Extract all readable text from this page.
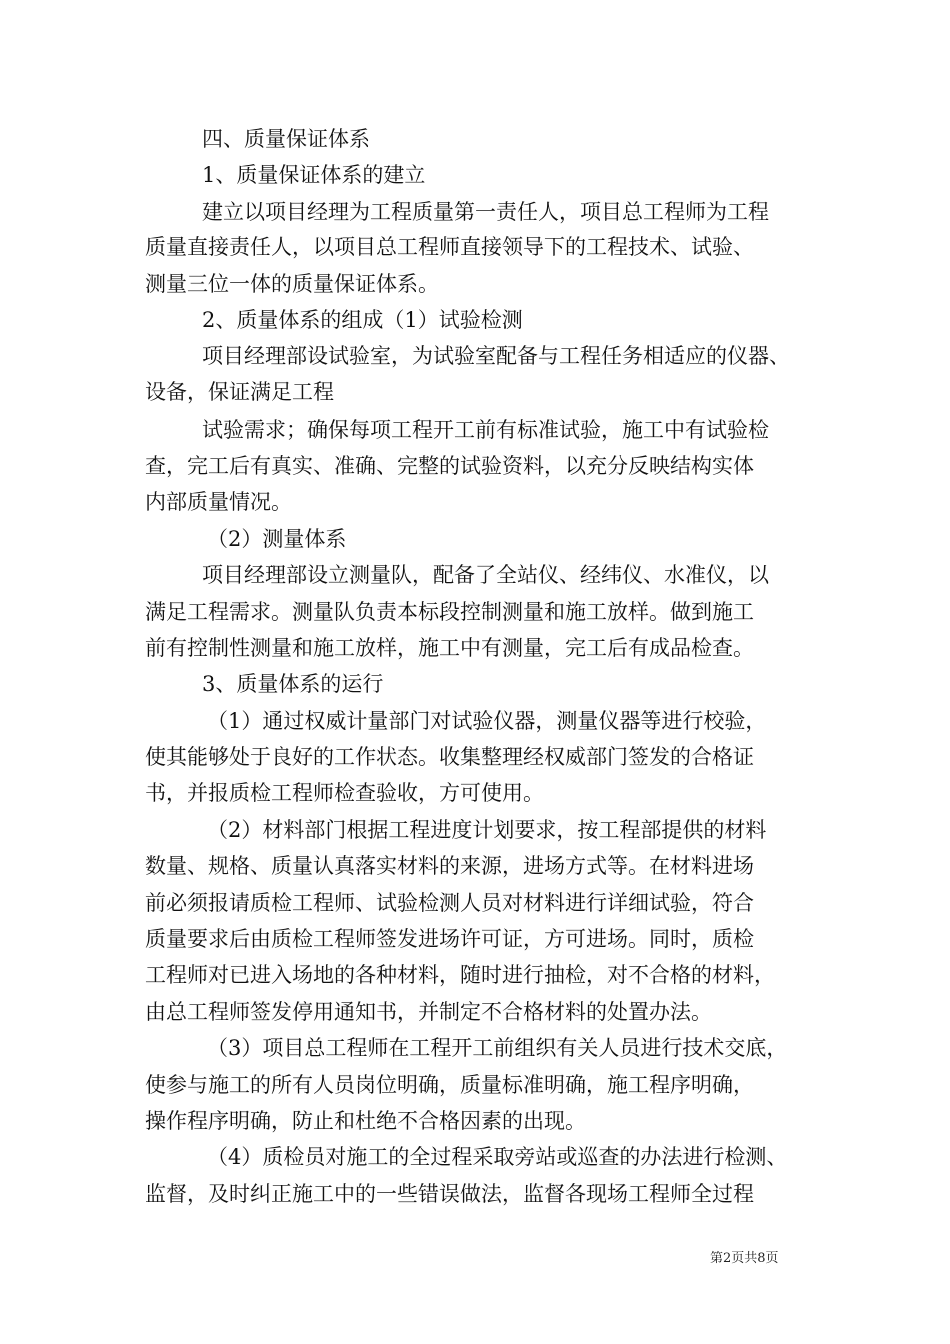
四、质量保证体系

1、质量保证体系的建立

建立以项目经理为工程质量第一责任人，项目总工程师为工程

质量直接责任人，以项目总工程师直接领导下的工程技术、试验、

测量三位一体的质量保证体系。

2、质量体系的组成（1）试验检测

项目经理部设试验室，为试验室配备与工程任务相适应的仪器、

设备，保证满足工程

试验需求；确保每项工程开工前有标准试验，施工中有试验检

查，完工后有真实、准确、完整的试验资料，以充分反映结构实体

内部质量情况。

（2）测量体系

项目经理部设立测量队，配备了全站仪、经纬仪、水准仪，以

满足工程需求。测量队负责本标段控制测量和施工放样。做到施工

前有控制性测量和施工放样，施工中有测量，完工后有成品检查。

3、质量体系的运行

（1）通过权威计量部门对试验仪器，测量仪器等进行校验，

使其能够处于良好的工作状态。收集整理经权威部门签发的合格证

书，并报质检工程师检查验收，方可使用。

（2）材料部门根据工程进度计划要求，按工程部提供的材料

数量、规格、质量认真落实材料的来源，进场方式等。在材料进场

前必须报请质检工程师、试验检测人员对材料进行详细试验，符合

质量要求后由质检工程师签发进场许可证，方可进场。同时，质检

工程师对已进入场地的各种材料，随时进行抽检，对不合格的材料，

由总工程师签发停用通知书，并制定不合格材料的处置办法。

（3）项目总工程师在工程开工前组织有关人员进行技术交底，

使参与施工的所有人员岗位明确，质量标准明确，施工程序明确，

操作程序明确，防止和杜绝不合格因素的出现。

（4）质检员对施工的全过程采取旁站或巡查的办法进行检测、

监督，及时纠正施工中的一些错误做法，监督各现场工程师全过程

第2页共8页
